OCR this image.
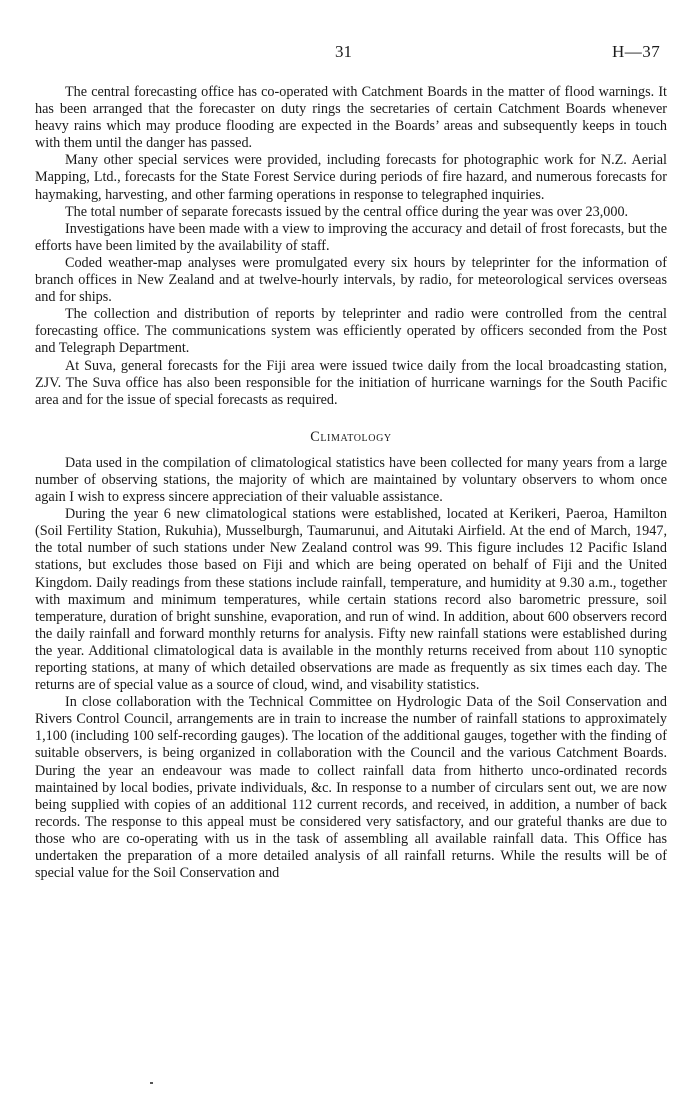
31	H—37

The central forecasting office has co-operated with Catchment Boards in the matter of flood warnings. It has been arranged that the forecaster on duty rings the secretaries of certain Catchment Boards whenever heavy rains which may produce flooding are expected in the Boards’ areas and subsequently keeps in touch with them until the danger has passed.

Many other special services were provided, including forecasts for photographic work for N.Z. Aerial Mapping, Ltd., forecasts for the State Forest Service during periods of fire hazard, and numerous forecasts for haymaking, harvesting, and other farming operations in response to telegraphed inquiries.

The total number of separate forecasts issued by the central office during the year was over 23,000.

Investigations have been made with a view to improving the accuracy and detail of frost forecasts, but the efforts have been limited by the availability of staff.

Coded weather-map analyses were promulgated every six hours by teleprinter for the information of branch offices in New Zealand and at twelve-hourly intervals, by radio, for meteorological services overseas and for ships.

The collection and distribution of reports by teleprinter and radio were controlled from the central forecasting office. The communications system was efficiently operated by officers seconded from the Post and Telegraph Department.

At Suva, general forecasts for the Fiji area were issued twice daily from the local broadcasting station, ZJV. The Suva office has also been responsible for the initiation of hurricane warnings for the South Pacific area and for the issue of special forecasts as required.

Climatology

Data used in the compilation of climatological statistics have been collected for many years from a large number of observing stations, the majority of which are maintained by voluntary observers to whom once again I wish to express sincere appreciation of their valuable assistance.

During the year 6 new climatological stations were established, located at Kerikeri, Paeroa, Hamilton (Soil Fertility Station, Rukuhia), Musselburgh, Taumarunui, and Aitutaki Airfield. At the end of March, 1947, the total number of such stations under New Zealand control was 99. This figure includes 12 Pacific Island stations, but excludes those based on Fiji and which are being operated on behalf of Fiji and the United Kingdom. Daily readings from these stations include rainfall, temperature, and humidity at 9.30 a.m., together with maximum and minimum temperatures, while certain stations record also barometric pressure, soil temperature, duration of bright sunshine, evaporation, and run of wind. In addition, about 600 observers record the daily rainfall and forward monthly returns for analysis. Fifty new rainfall stations were established during the year. Additional climatological data is available in the monthly returns received from about 110 synoptic reporting stations, at many of which detailed observations are made as frequently as six times each day. The returns are of special value as a source of cloud, wind, and visability statistics.

In close collaboration with the Technical Committee on Hydrologic Data of the Soil Conservation and Rivers Control Council, arrangements are in train to increase the number of rainfall stations to approximately 1,100 (including 100 self-recording gauges). The location of the additional gauges, together with the finding of suitable observers, is being organized in collaboration with the Council and the various Catchment Boards. During the year an endeavour was made to collect rainfall data from hitherto unco-ordinated records maintained by local bodies, private individuals, &c. In response to a number of circulars sent out, we are now being supplied with copies of an additional 112 current records, and received, in addition, a number of back records. The response to this appeal must be considered very satisfactory, and our grateful thanks are due to those who are co-operating with us in the task of assembling all available rainfall data. This Office has undertaken the preparation of a more detailed analysis of all rainfall returns. While the results will be of special value for the Soil Conservation and
